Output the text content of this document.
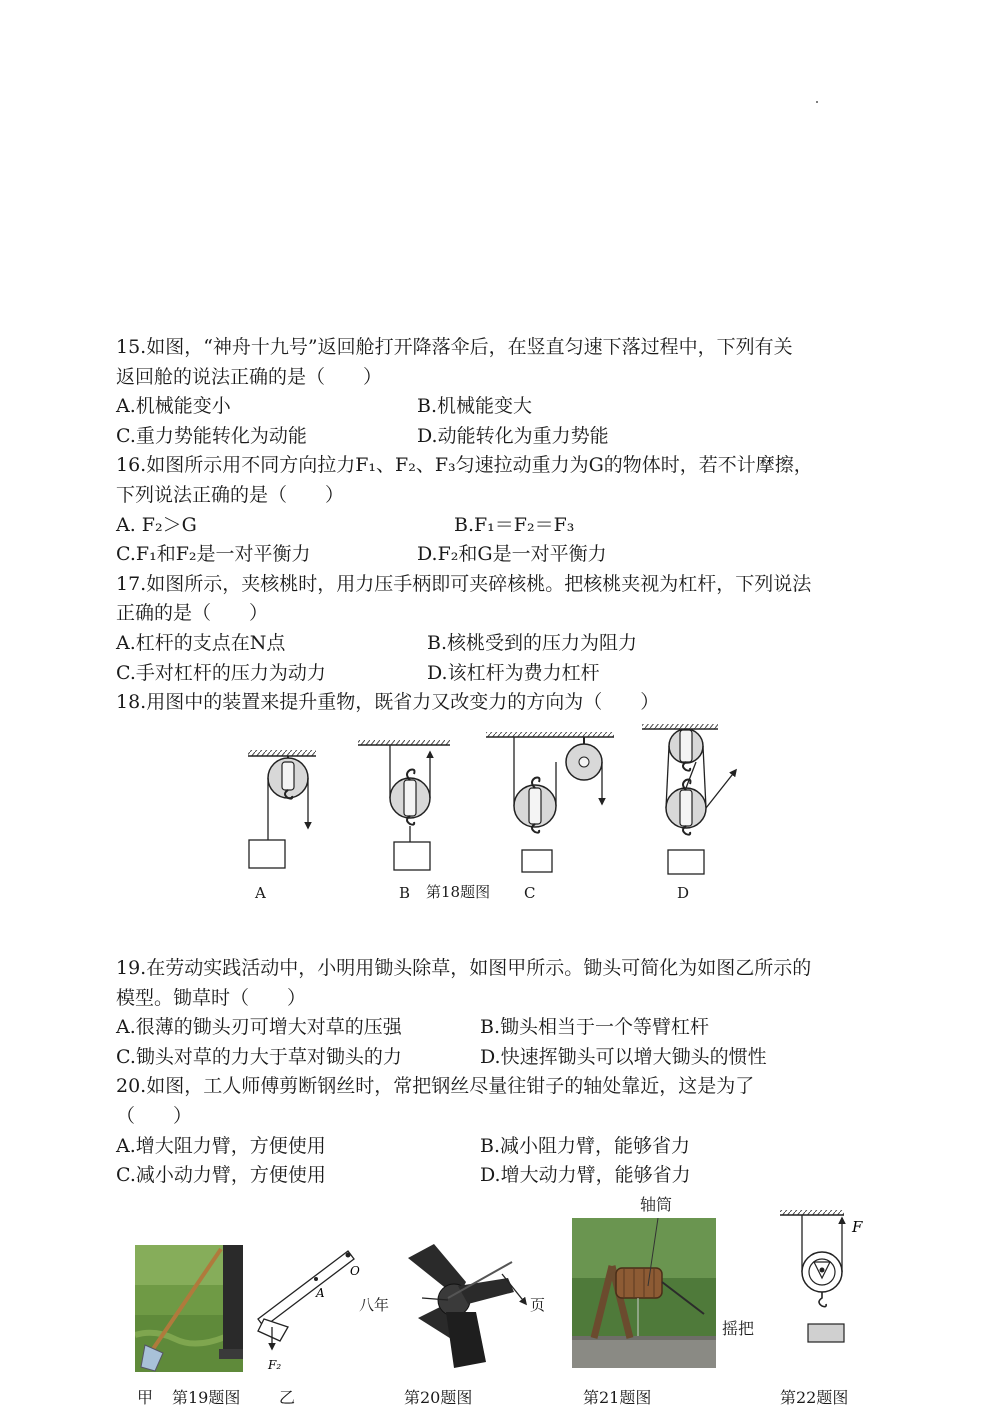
15.如图，“神舟十九号”返回舱打开降落伞后，在竖直匀速下落过程中，下列有关
返回舱的说法正确的是（　　）
A.机械能变小	B.机械能变大
C.重力势能转化为动能	D.动能转化为重力势能
16.如图所示用不同方向拉力F₁、F₂、F₃匀速拉动重力为G的物体时，若不计摩擦，
下列说法正确的是（　　）
A. F₂＞G	B.F₁＝F₂＝F₃
C.F₁和F₂是一对平衡力	D.F₂和G是一对平衡力
17.如图所示，夹核桃时，用力压手柄即可夹碎核桃。把核桃夹视为杠杆，下列说法
正确的是（　　）
A.杠杆的支点在N点	B.核桃受到的压力为阻力
C.手对杠杆的压力为动力	D.该杠杆为费力杠杆
18.用图中的装置来提升重物，既省力又改变力的方向为（　　）
A	B 第18题图 C	D
19.在劳动实践活动中，小明用锄头除草，如图甲所示。锄头可简化为如图乙所示的
模型。锄草时（　　）
A.很薄的锄头刃可增大对草的压强	B.锄头相当于一个等臂杠杆
C.锄头对草的力大于草对锄头的力	D.快速挥锄头可以增大锄头的惯性
20.如图，工人师傅剪断钢丝时，常把钢丝尽量往钳子的轴处靠近，这是为了
（　　）
A.增大阻力臂，方便使用	B.减小阻力臂，能够省力
C.减小动力臂，方便使用	D.增大动力臂，能够省力
O
A
F₂
八年	页
轴筒
摇把
F
甲 第19题图 乙	第20题图	第21题图	第22题图
